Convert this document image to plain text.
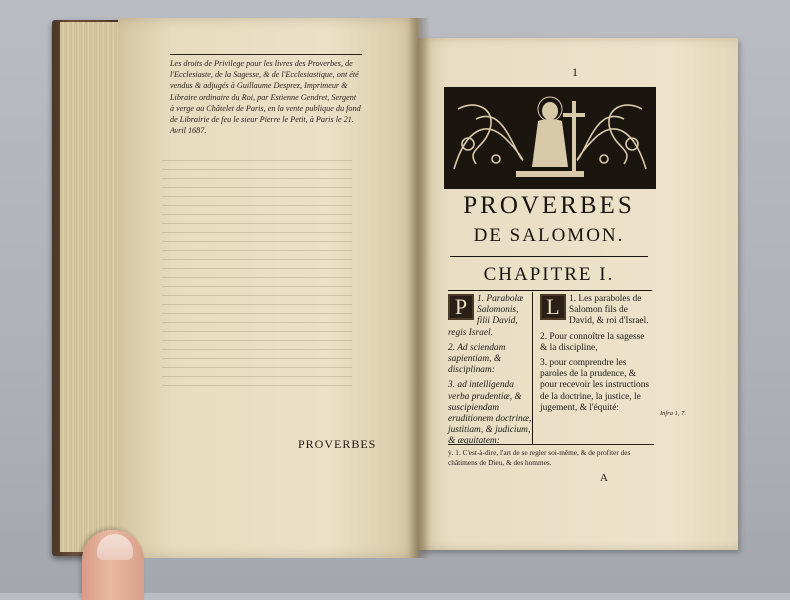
Les droits de Privilege pour les livres des Proverbes, de l'Ecclesiaste, de la Sagesse, & de l'Ecclesiastique, ont été vendus & adjugés à Guillaume Desprez, Imprimeur & Libraire ordinaire du Roi, par Estienne Gendret, Sergent à verge au Châtelet de Paris, en la vente publique du fond de Librairie de feu le sieur Pierre le Petit, à Paris le 21. Avril 1687.
PROVERBES
1
PROVERBES
DE SALOMON.
CHAPITRE I.

P	1. Parabolæ Salomonis, filii David, regis Israel.

2. Ad sciendam sapientiam, & disciplinam:

3. ad intelligenda verba prudentiæ, & suscipiendam eruditionem doctrinæ, justitiam, & judicium, & æquitatem:

L 1. Les paraboles de Salomon fils de David, & roi d'Israel.

2. Pour connoître la sagesse & la discipline,

3. pour comprendre les paroles de la prudence, & pour recevoir les instructions de la doctrine, la justice, le jugement, & l'équité:

Infra 1, 7.
ỳ. 1. C'est-à-dire, l'art de se regler soi-même, & de profiter des châtimens de Dieu, & des hommes.
A
